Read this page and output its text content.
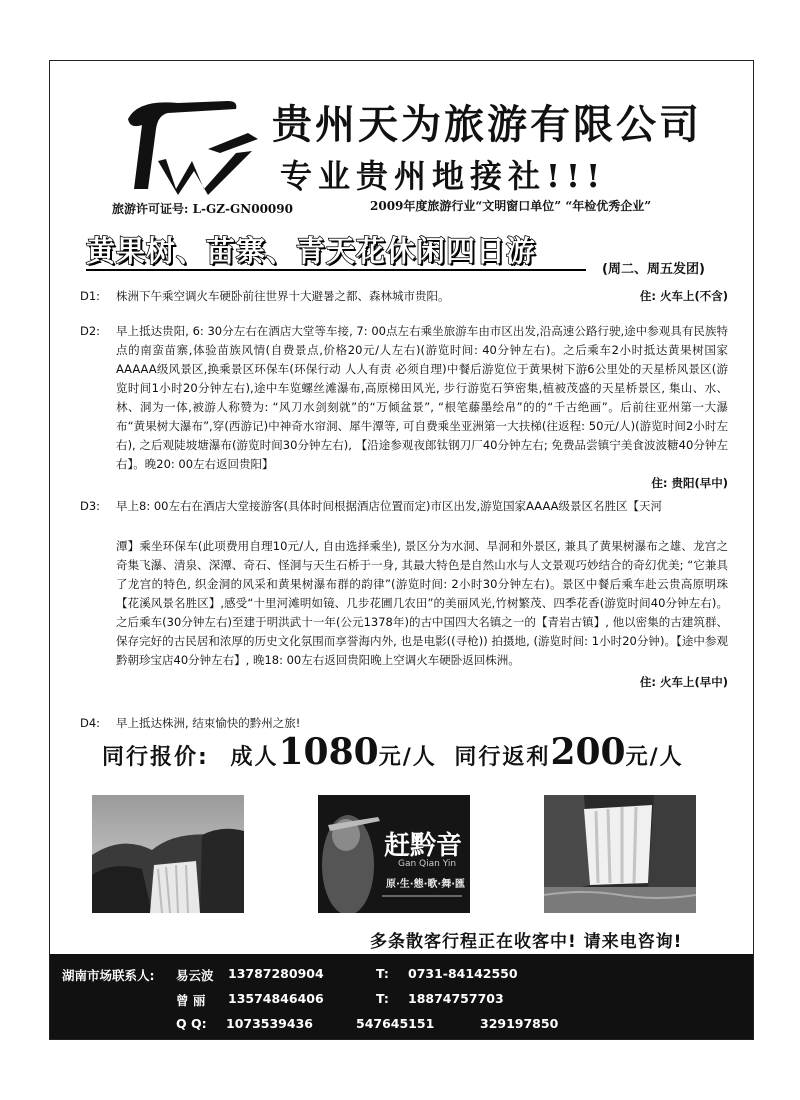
贵州天为旅游有限公司
专业贵州地接社!!!
旅游许可证号: L-GZ-GN00090	2009年度旅游行业“文明窗口单位” “年检优秀企业”
黄果树、苗寨、青天花休闲四日游
(周二、周五发团)
D1: 株洲下午乘空调火车硬卧前往世界十大避暑之都、森林城市贵阳。	住: 火车上(不含)
D2: 早上抵达贵阳, 6: 30分左右在酒店大堂等车接, 7: 00点左右乘坐旅游车由市区出发,沿高速公路行驶,途中参观具有民族特点的南蛮苗寨,体验苗族风情(自费景点,价格20元/人左右)(游览时间: 40分钟左右)。之后乘车2小时抵达黄果树国家AAAAA级风景区,换乘景区环保车(环保行动 人人有责 必须自理)中餐后游览位于黄果树下游6公里处的天星桥风景区(游览时间1小时20分钟左右),途中车览螺丝滩瀑布,高原梯田风光, 步行游览石笋密集,植被茂盛的天星桥景区, 集山、水、林、洞为一体,被游人称赞为: “风刀水剑刻就”的“万倾盆景”, “根笔藤墨绘帛”的的“千古绝画”。后前往亚州第一大瀑布“黄果树大瀑布”,穿(西游记)中神奇水帘洞、犀牛潭等, 可自费乘坐亚洲第一大扶梯(往返程: 50元/人)(游览时间2小时左右), 之后观陡坡塘瀑布(游览时间30分钟左右), 【沿途参观夜郎钛钢刀厂40分钟左右; 免费品尝镇宁美食波波糖40分钟左右】。晚20: 00左右返回贵阳】
住: 贵阳(早中)
D3: 早上8: 00左右在酒店大堂接游客(具体时间根据酒店位置而定)市区出发,游览国家AAAA级景区名胜区【天河
潭】乘坐环保车(此项费用自理10元/人, 自由选择乘坐), 景区分为水洞、旱洞和外景区, 兼具了黄果树瀑布之雄、龙宫之奇集飞瀑、清泉、深潭、奇石、怪洞与天生石桥于一身, 其最大特色是自然山水与人文景观巧妙结合的奇幻优美; “它兼具了龙宫的特色, 织金洞的风采和黄果树瀑布群的韵律”(游览时间: 2小时30分钟左右)。景区中餐后乘车赴云贵高原明珠【花溪风景名胜区】,感受“十里河滩明如镜、几步花圃几农田”的美丽风光,竹树繁茂、四季花香(游览时间40分钟左右)。之后乘车(30分钟左右)至建于明洪武十一年(公元1378年)的古中国四大名镇之一的【青岩古镇】, 他以密集的古建筑群、保存完好的古民居和浓厚的历史文化氛围而享誉海内外, 也是电影((寻枪)) 拍摄地, (游览时间: 1小时20分钟)。【途中参观黔朝珍宝店40分钟左右】, 晚18: 00左右返回贵阳晚上空调火车硬卧返回株洲。
住: 火车上(早中)
D4: 早上抵达株洲, 结束愉快的黔州之旅!
同行报价: 成人1080元/人 同行返利200元/人
赶黔音
Gan Qian Yin
原·生·態·歌·舞·匯
多条散客行程正在收客中! 请来电咨询!
湖南市场联系人: 易云波 13787280904	T: 0731-84142550
曾 丽 13574846406	T: 18874757703
Q Q: 1073539436	547645151	329197850
